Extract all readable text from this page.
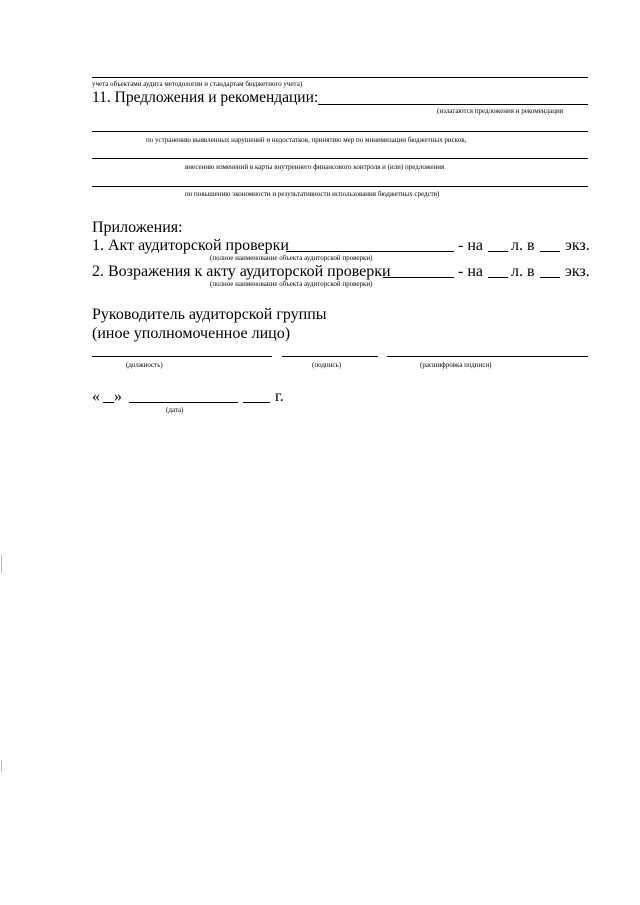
учета объектами аудита методологии и стандартам бюджетного учета)
11. Предложения и рекомендации:
(излагаются предложения и рекомендации
по устранению выявленных нарушений и недостатков, принятию мер по минимизации бюджетных рисков,
внесению изменений в карты внутреннего финансового контроля и (или) предложения
по повышению экономности и результативности использования бюджетных средств)
Приложения:
1. Акт аудиторской проверки	- на л. в экз.
(полное наименование объекта аудиторской проверки)
2. Возражения к акту аудиторской проверки	- на л. в экз.
(полное наименование объекта аудиторской проверки)
Руководитель аудиторской группы
(иное уполномоченное лицо)
(должность)	(подпись)	(расшифровка подписи)
« »	г.
(дата)
